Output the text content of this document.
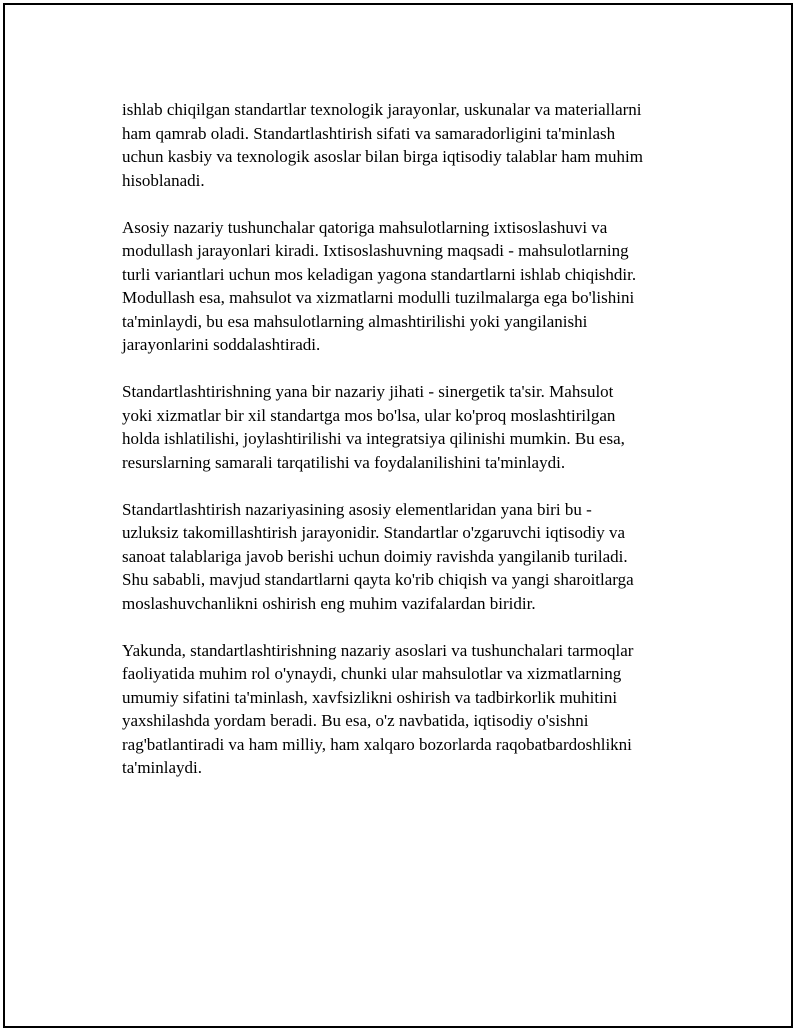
ishlab chiqilgan standartlar texnologik jarayonlar, uskunalar va materiallarni
ham qamrab oladi. Standartlashtirish sifati va samaradorligini ta'minlash
uchun kasbiy va texnologik asoslar bilan birga iqtisodiy talablar ham muhim
hisoblanadi.

Asosiy nazariy tushunchalar qatoriga mahsulotlarning ixtisoslashuvi va
modullash jarayonlari kiradi. Ixtisoslashuvning maqsadi - mahsulotlarning
turli variantlari uchun mos keladigan yagona standartlarni ishlab chiqishdir.
Modullash esa, mahsulot va xizmatlarni modulli tuzilmalarga ega bo'lishini
ta'minlaydi, bu esa mahsulotlarning almashtirilishi yoki yangilanishi
jarayonlarini soddalashtiradi.

Standartlashtirishning yana bir nazariy jihati - sinergetik ta'sir. Mahsulot
yoki xizmatlar bir xil standartga mos bo'lsa, ular ko'proq moslashtirilgan
holda ishlatilishi, joylashtirilishi va integratsiya qilinishi mumkin. Bu esa,
resurslarning samarali tarqatilishi va foydalanilishini ta'minlaydi.

Standartlashtirish nazariyasining asosiy elementlaridan yana biri bu -
uzluksiz takomillashtirish jarayonidir. Standartlar o'zgaruvchi iqtisodiy va
sanoat talablariga javob berishi uchun doimiy ravishda yangilanib turiladi.
Shu sababli, mavjud standartlarni qayta ko'rib chiqish va yangi sharoitlarga
moslashuvchanlikni oshirish eng muhim vazifalardan biridir.

Yakunda, standartlashtirishning nazariy asoslari va tushunchalari tarmoqlar
faoliyatida muhim rol o'ynaydi, chunki ular mahsulotlar va xizmatlarning
umumiy sifatini ta'minlash, xavfsizlikni oshirish va tadbirkorlik muhitini
yaxshilashda yordam beradi. Bu esa, o'z navbatida, iqtisodiy o'sishni
rag'batlantiradi va ham milliy, ham xalqaro bozorlarda raqobatbardoshlikni
ta'minlaydi.
